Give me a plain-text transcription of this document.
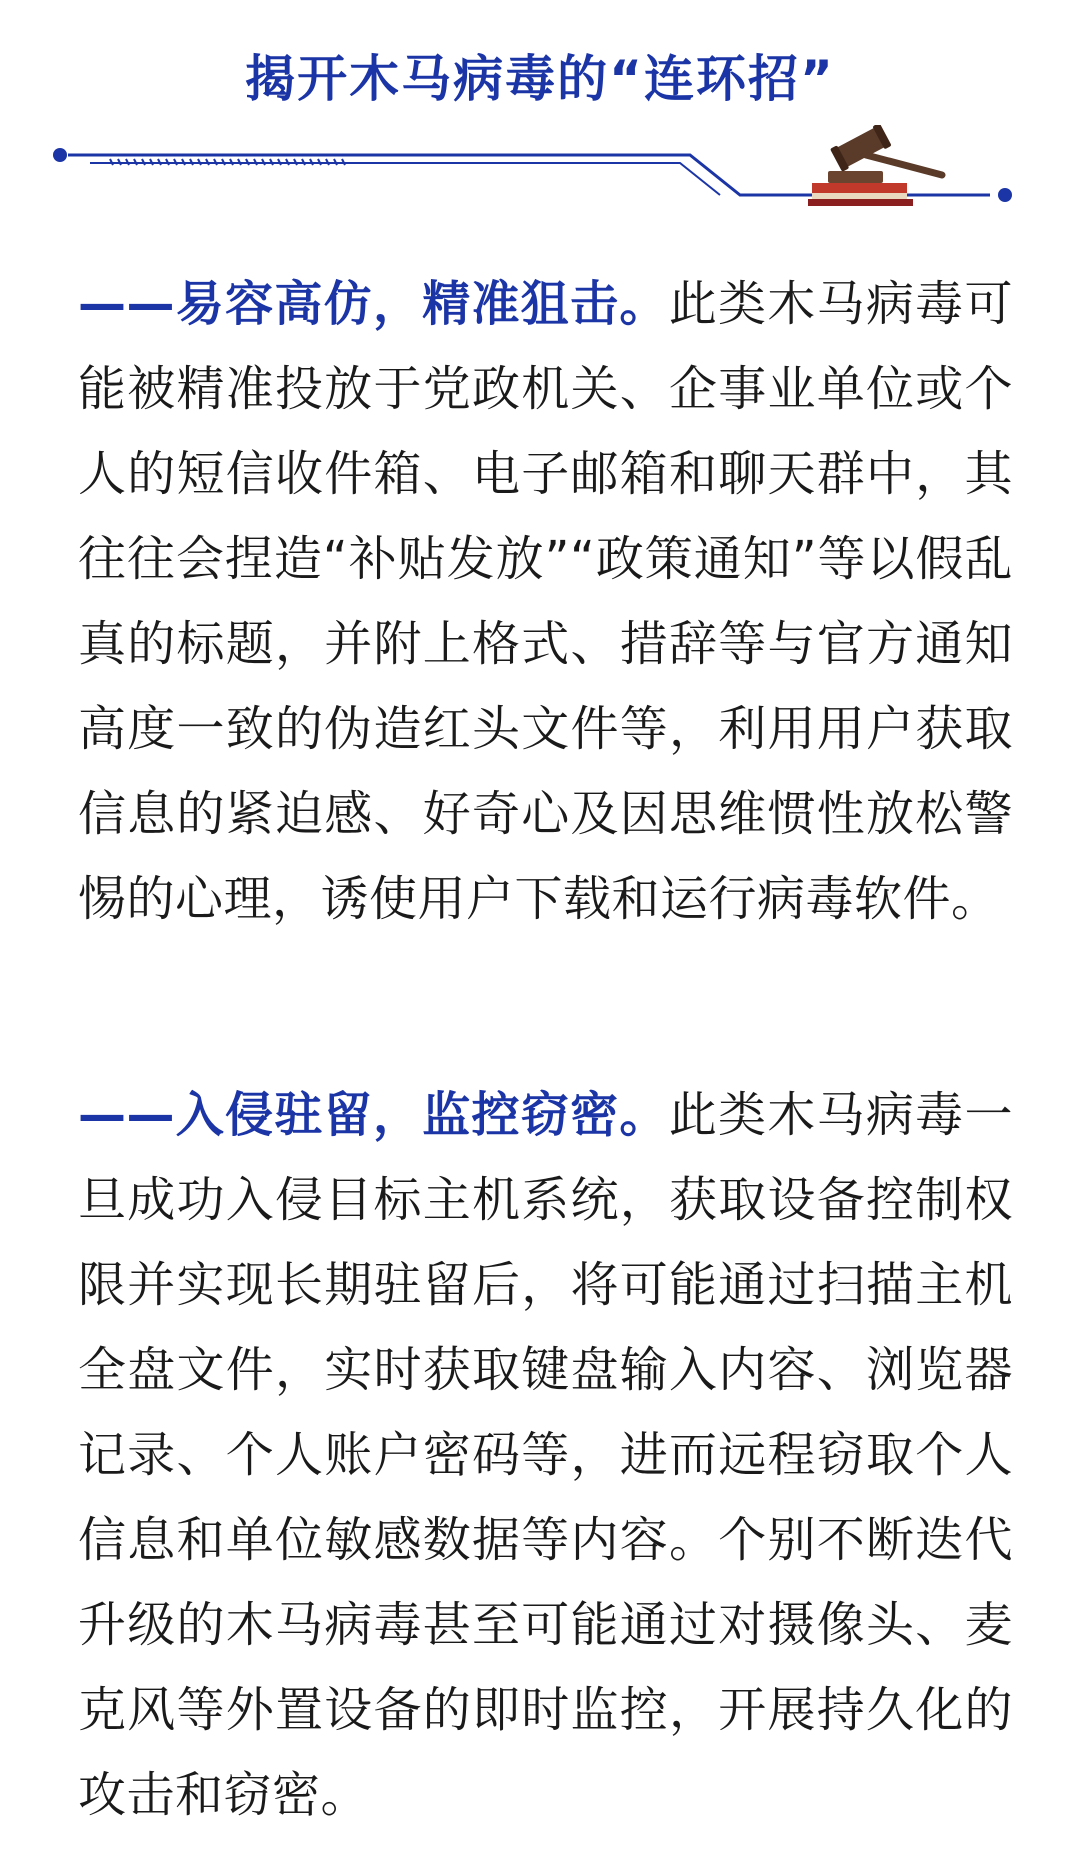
揭开木马病毒的“连环招”
——易容高仿，精准狙击。此类木马病毒可能被精准投放于党政机关、企事业单位或个人的短信收件箱、电子邮箱和聊天群中，其往往会捏造“补贴发放”“政策通知”等以假乱真的标题，并附上格式、措辞等与官方通知高度一致的伪造红头文件等，利用用户获取信息的紧迫感、好奇心及因思维惯性放松警惕的心理，诱使用户下载和运行病毒软件。
——入侵驻留，监控窃密。此类木马病毒一旦成功入侵目标主机系统，获取设备控制权限并实现长期驻留后，将可能通过扫描主机全盘文件，实时获取键盘输入内容、浏览器记录、个人账户密码等，进而远程窃取个人信息和单位敏感数据等内容。个别不断迭代升级的木马病毒甚至可能通过对摄像头、麦克风等外置设备的即时监控，开展持久化的攻击和窃密。
